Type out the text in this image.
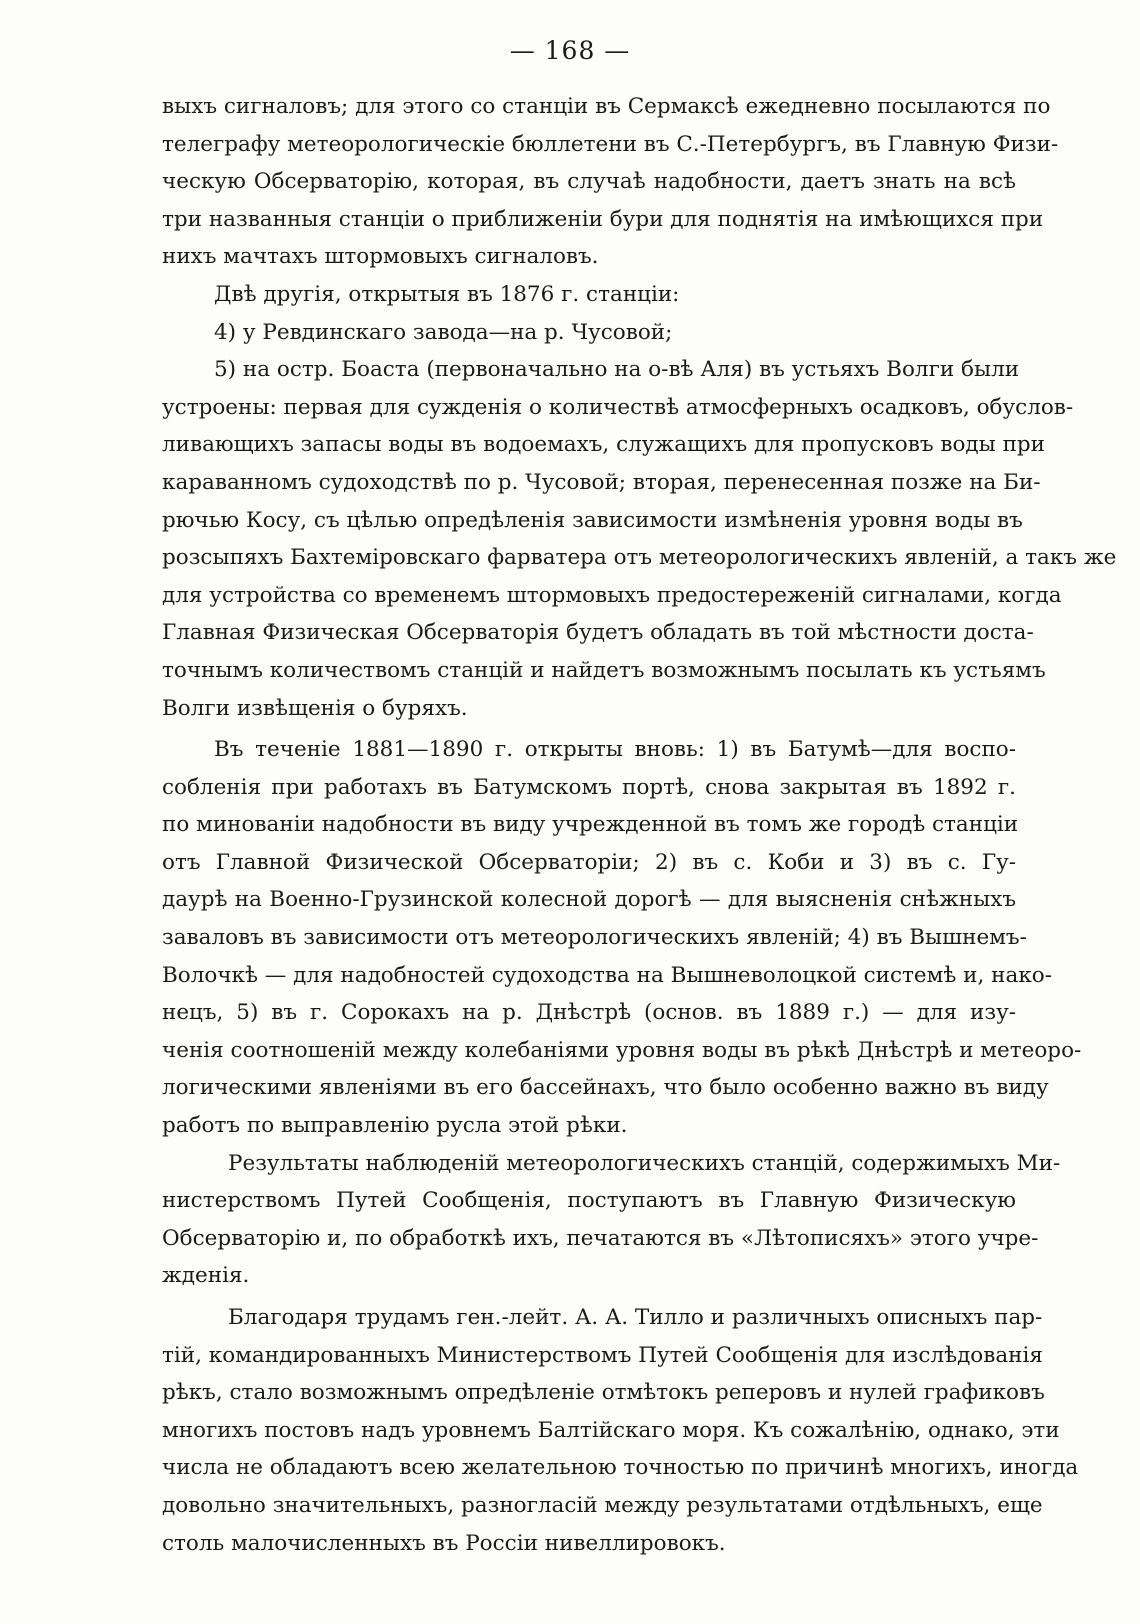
— 168 —
выхъ сигналовъ; для этого со станціи въ Сермаксѣ ежедневно посылаются по
телеграфу метеорологическіе бюллетени въ С.-Петербургъ, въ Главную Физи-
ческую Обсерваторію, которая, въ случаѣ надобности, даетъ знать на всѣ
три названныя станціи о приближеніи бури для поднятія на имѣющихся при
нихъ мачтахъ штормовыхъ сигналовъ.
Двѣ другія, открытыя въ 1876 г. станціи:
4) у Ревдинскаго завода—на р. Чусовой;
5) на остр. Боаста (первоначально на о-вѣ Аля) въ устьяхъ Волги были
устроены: первая для сужденія о количествѣ атмосферныхъ осадковъ, обуслов-
ливающихъ запасы воды въ водоемахъ, служащихъ для пропусковъ воды при
караванномъ судоходствѣ по р. Чусовой; вторая, перенесенная позже на Би-
рючью Косу, съ цѣлью опредѣленія зависимости измѣненія уровня воды въ
розсыпяхъ Бахтеміровскаго фарватера отъ метеорологическихъ явленій, а такъ же
для устройства со временемъ штормовыхъ предостереженій сигналами, когда
Главная Физическая Обсерваторія будетъ обладать въ той мѣстности доста-
точнымъ количествомъ станцій и найдетъ возможнымъ посылать къ устьямъ
Волги извѣщенія о буряхъ.
Въ теченіе 1881—1890 г. открыты вновь: 1) въ Батумѣ—для воспо-
собленія при работахъ въ Батумскомъ портѣ, снова закрытая въ 1892 г.
по минованіи надобности въ виду учрежденной въ томъ же городѣ станціи
отъ Главной Физической Обсерваторіи; 2) въ с. Коби и 3) въ с. Гу-
даурѣ на Военно-Грузинской колесной дорогѣ — для выясненія снѣжныхъ
заваловъ въ зависимости отъ метеорологическихъ явленій; 4) въ Вышнемъ-
Волочкѣ — для надобностей судоходства на Вышневолоцкой системѣ и, нако-
нецъ, 5) въ г. Сорокахъ на р. Днѣстрѣ (основ. въ 1889 г.) — для изу-
ченія соотношеній между колебаніями уровня воды въ рѣкѣ Днѣстрѣ и метеоро-
логическими явленіями въ его бассейнахъ, что было особенно важно въ виду
работъ по выправленію русла этой рѣки.
Результаты наблюденій метеорологическихъ станцій, содержимыхъ Ми-
нистерствомъ Путей Сообщенія, поступаютъ въ Главную Физическую
Обсерваторію и, по обработкѣ ихъ, печатаются въ «Лѣтописяхъ» этого учре-
жденія.
Благодаря трудамъ ген.-лейт. А. А. Тилло и различныхъ описныхъ пар-
тій, командированныхъ Министерствомъ Путей Сообщенія для изслѣдованія
рѣкъ, стало возможнымъ опредѣленіе отмѣтокъ реперовъ и нулей графиковъ
многихъ постовъ надъ уровнемъ Балтійскаго моря. Къ сожалѣнію, однако, эти
числа не обладаютъ всею желательною точностью по причинѣ многихъ, иногда
довольно значительныхъ, разногласій между результатами отдѣльныхъ, еще
столь малочисленныхъ въ Россіи нивеллировокъ.
